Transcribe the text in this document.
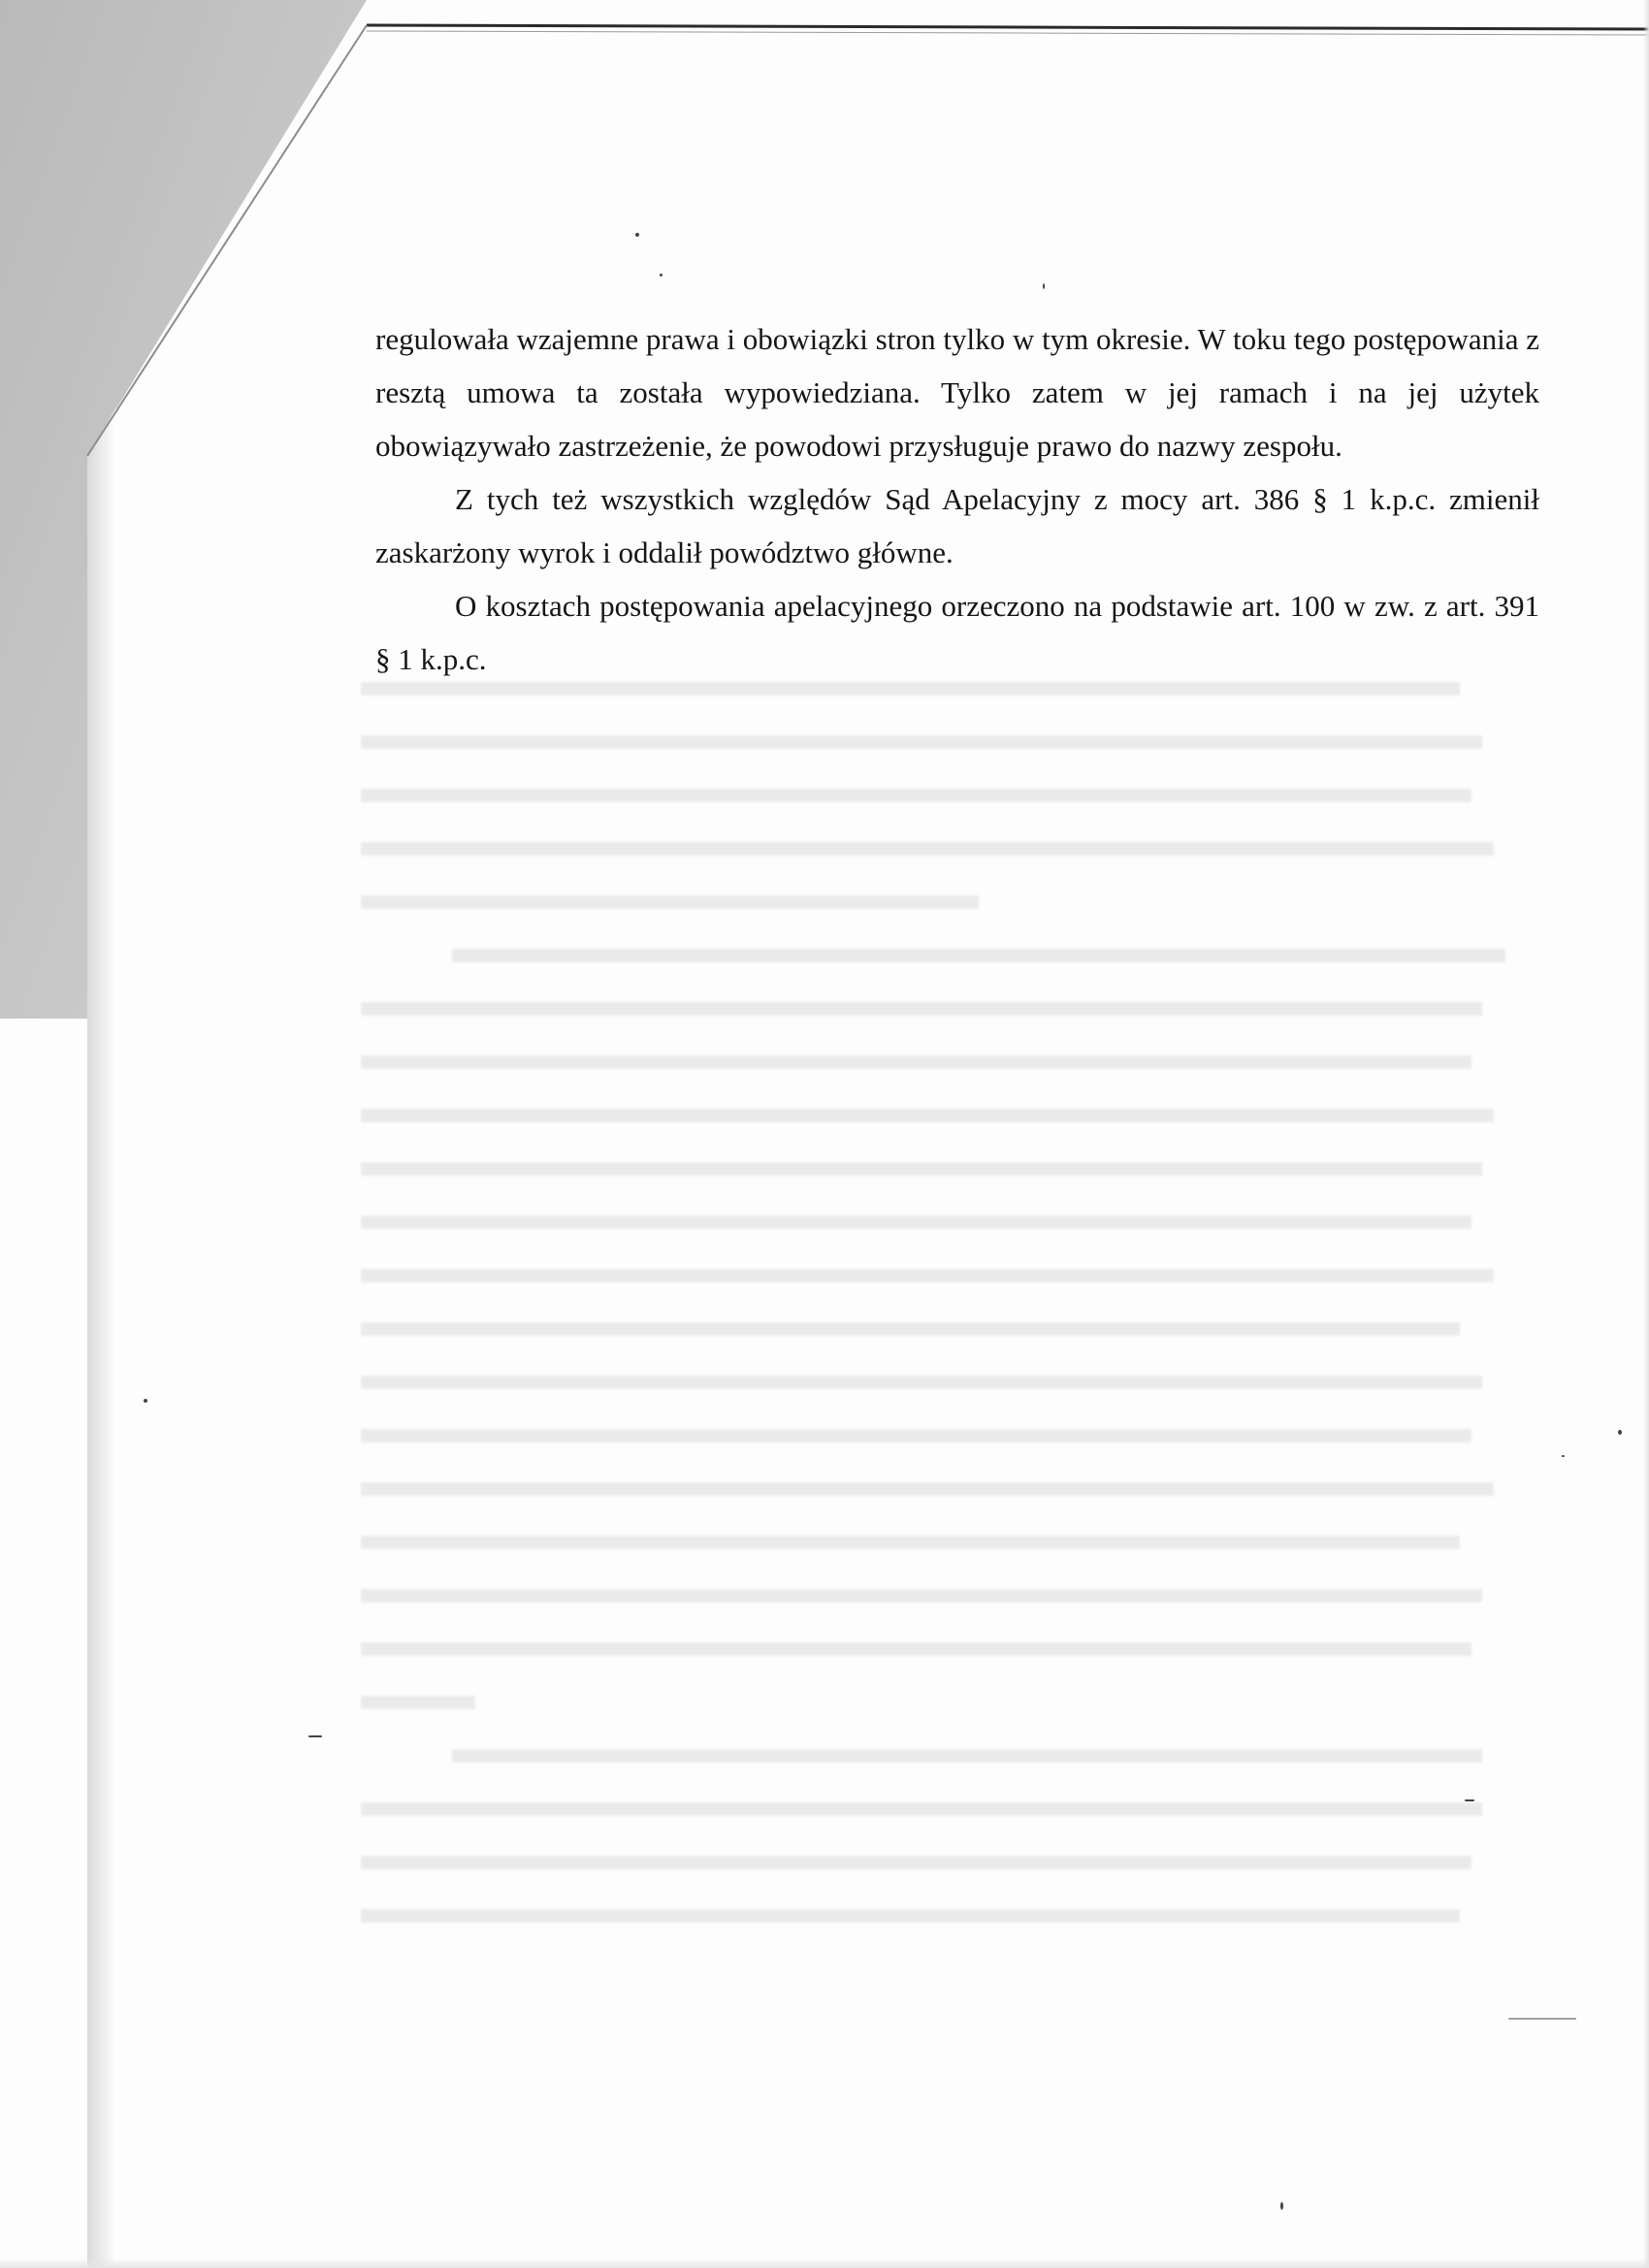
regulowała wzajemne prawa i obowiązki stron tylko w tym okresie. W toku tego postępowania z resztą umowa ta została wypowiedziana. Tylko zatem w jej ramach i na jej użytek obowiązywało zastrzeżenie, że powodowi przysługuje prawo do nazwy zespołu.

Z tych też wszystkich względów Sąd Apelacyjny z mocy art. 386 § 1 k.p.c. zmienił zaskarżony wyrok i oddalił powództwo główne.

O kosztach postępowania apelacyjnego orzeczono na podstawie art. 100 w zw. z art. 391 § 1 k.p.c.
